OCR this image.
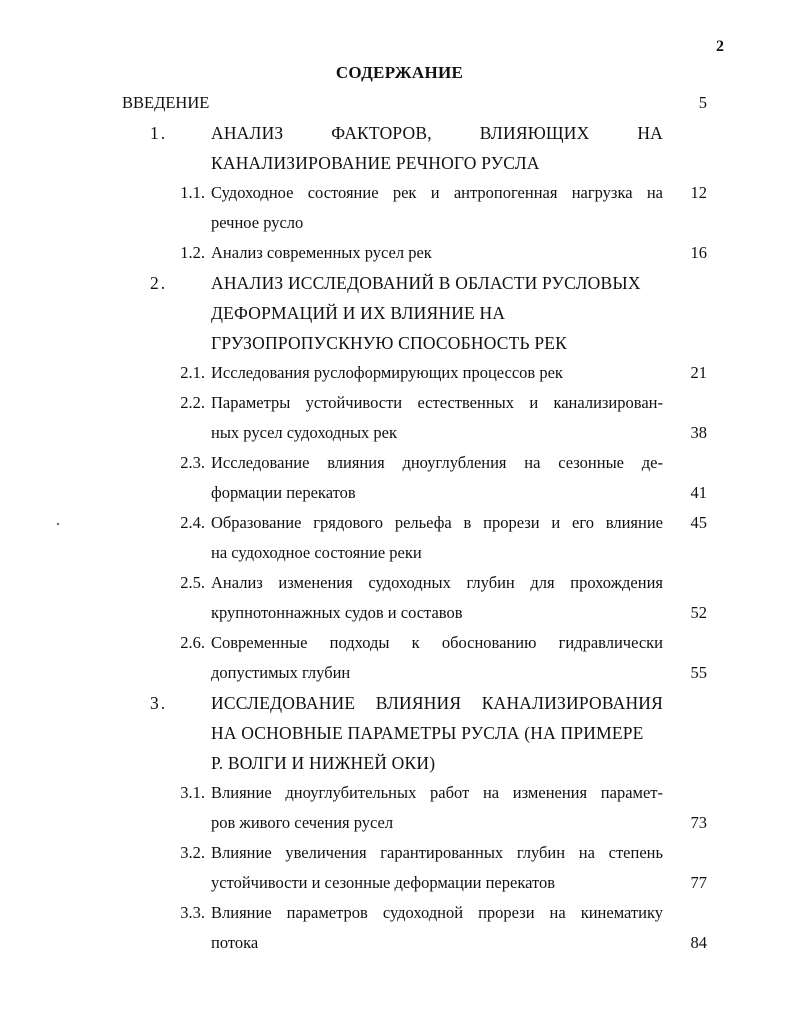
2
СОДЕРЖАНИЕ
ВВЕДЕНИЕ	5
1.	АНАЛИЗ ФАКТОРОВ, ВЛИЯЮЩИХ НА
КАНАЛИЗИРОВАНИЕ РЕЧНОГО РУСЛА
1.1. Судоходное состояние рек и антропогенная нагрузка на	12
речное русло
1.2. Анализ современных русел рек	16
2.	АНАЛИЗ ИССЛЕДОВАНИЙ В ОБЛАСТИ РУСЛОВЫХ
ДЕФОРМАЦИЙ И ИХ ВЛИЯНИЕ НА
ГРУЗОПРОПУСКНУЮ СПОСОБНОСТЬ РЕК
2.1. Исследования руслоформирующих процессов рек	21
2.2. Параметры устойчивости естественных и канализирован-
ных русел судоходных рек	38
2.3. Исследование влияния дноуглубления на сезонные де-
формации перекатов	41
2.4. Образование грядового рельефа в прорези и его влияние	45
на судоходное состояние реки
2.5. Анализ изменения судоходных глубин для прохождения
крупнотоннажных судов и составов	52
2.6. Современные подходы к обоснованию гидравлически
допустимых глубин	55
3.	ИССЛЕДОВАНИЕ ВЛИЯНИЯ КАНАЛИЗИРОВАНИЯ
НА ОСНОВНЫЕ ПАРАМЕТРЫ РУСЛА (НА ПРИМЕРЕ
Р. ВОЛГИ И НИЖНЕЙ ОКИ)
3.1. Влияние дноуглубительных работ на изменения парамет-
ров живого сечения русел	73
3.2. Влияние увеличения гарантированных глубин на степень
устойчивости и сезонные деформации перекатов	77
3.3. Влияние параметров судоходной прорези на кинематику
потока	84
